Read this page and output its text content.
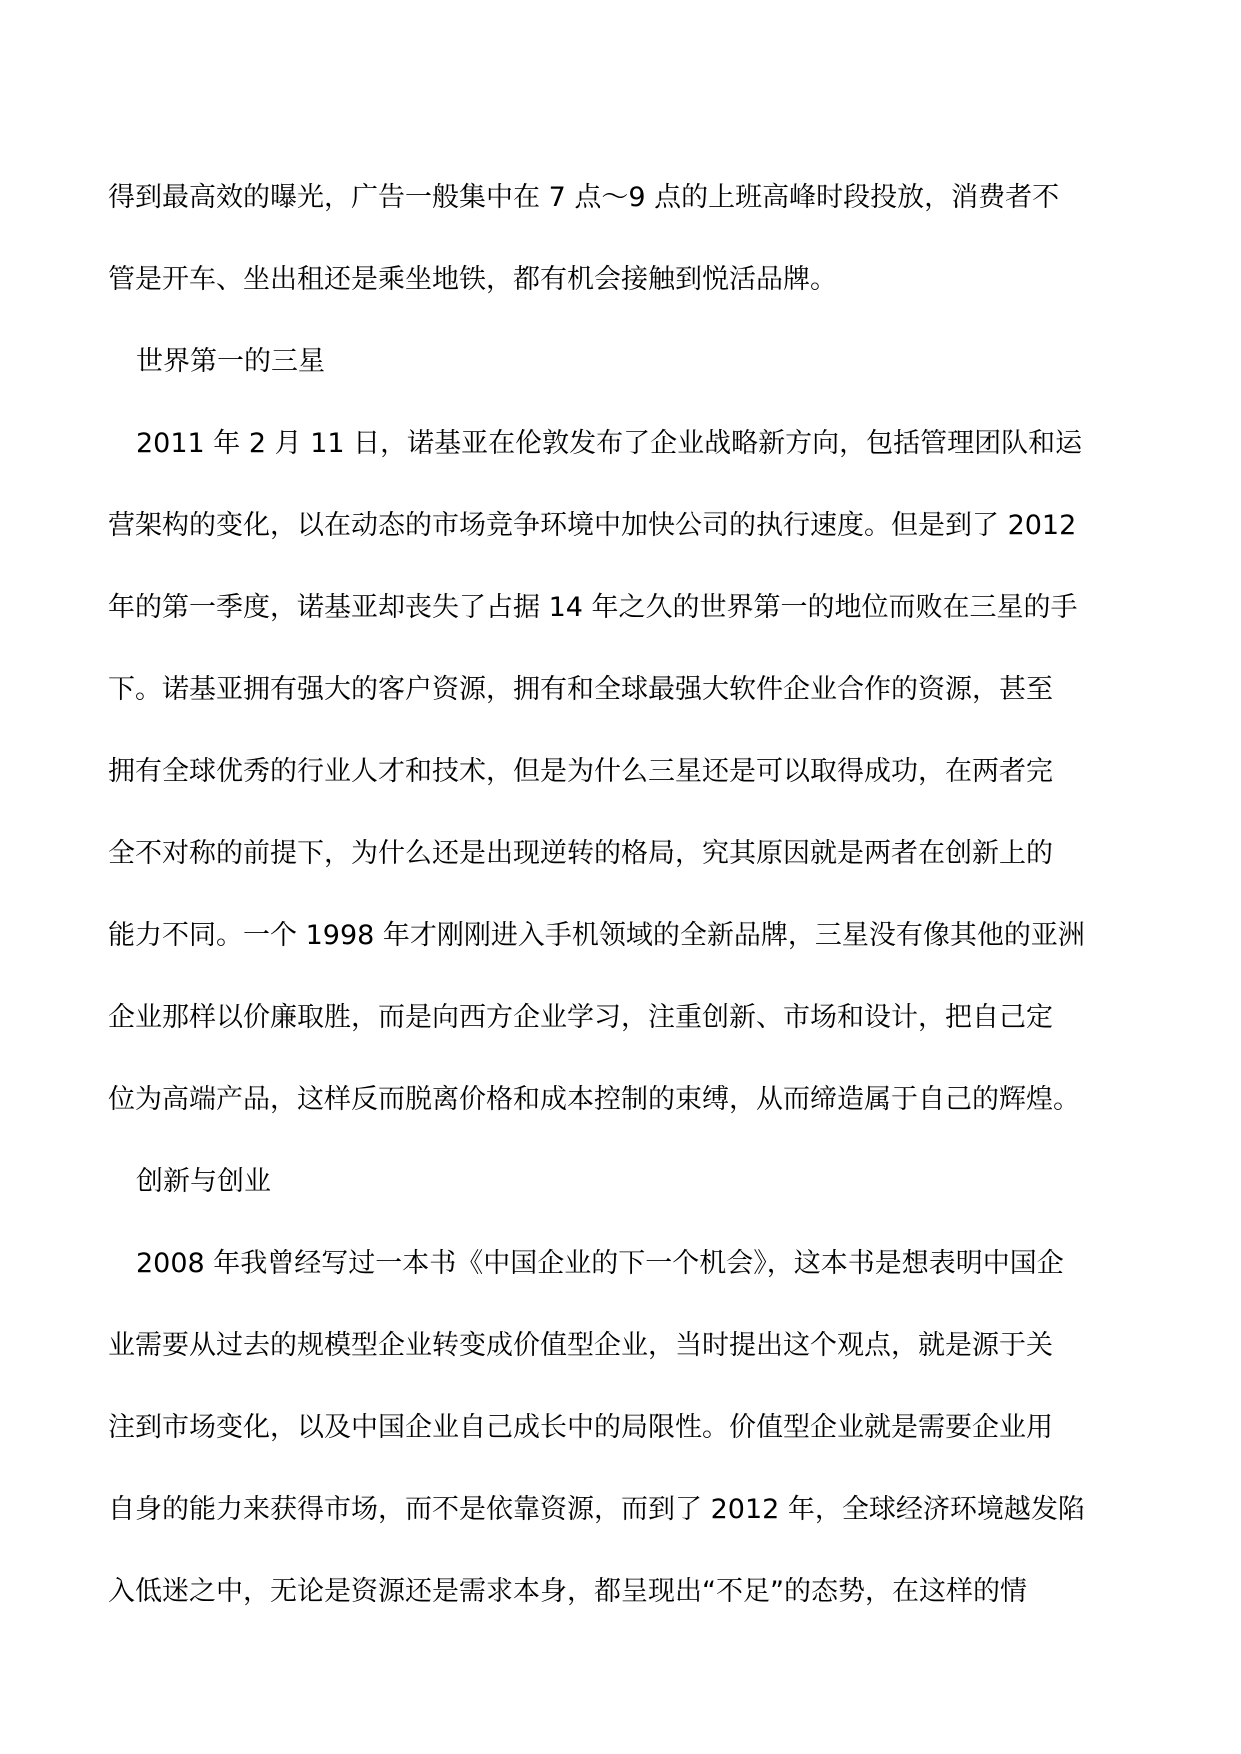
得到最高效的曝光，广告一般集中在 7 点～9 点的上班高峰时段投放，消费者不
管是开车、坐出租还是乘坐地铁，都有机会接触到悦活品牌。
世界第一的三星
2011 年 2 月 11 日，诺基亚在伦敦发布了企业战略新方向，包括管理团队和运
营架构的变化，以在动态的市场竞争环境中加快公司的执行速度。但是到了 2012
年的第一季度，诺基亚却丧失了占据 14 年之久的世界第一的地位而败在三星的手
下。诺基亚拥有强大的客户资源，拥有和全球最强大软件企业合作的资源，甚至
拥有全球优秀的行业人才和技术，但是为什么三星还是可以取得成功，在两者完
全不对称的前提下，为什么还是出现逆转的格局，究其原因就是两者在创新上的
能力不同。一个 1998 年才刚刚进入手机领域的全新品牌，三星没有像其他的亚洲
企业那样以价廉取胜，而是向西方企业学习，注重创新、市场和设计，把自己定
位为高端产品，这样反而脱离价格和成本控制的束缚，从而缔造属于自己的辉煌。
创新与创业
2008 年我曾经写过一本书《中国企业的下一个机会》，这本书是想表明中国企
业需要从过去的规模型企业转变成价值型企业，当时提出这个观点，就是源于关
注到市场变化，以及中国企业自己成长中的局限性。价值型企业就是需要企业用
自身的能力来获得市场，而不是依靠资源，而到了 2012 年，全球经济环境越发陷
入低迷之中，无论是资源还是需求本身，都呈现出“不足”的态势，在这样的情
